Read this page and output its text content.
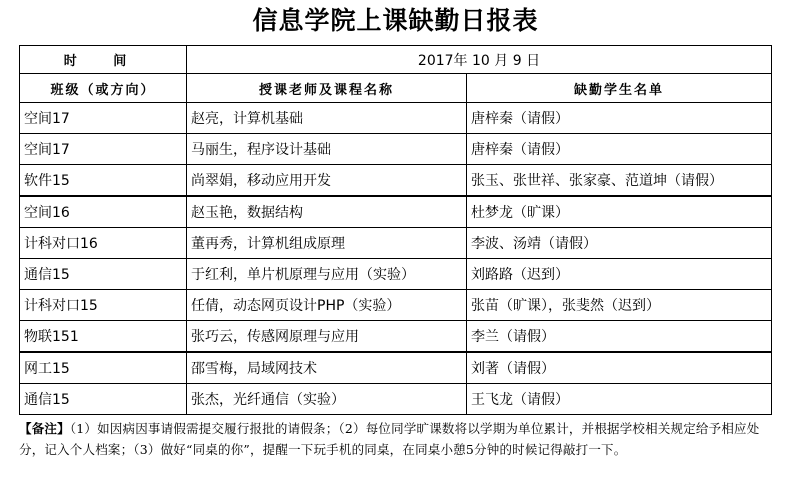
信息学院上课缺勤日报表
时 间	2017年 10 月 9 日	
班级（或方向）	授课老师及课程名称	缺勤学生名单
空间17	赵亮，计算机基础	唐梓秦（请假）
空间17	马丽生，程序设计基础	唐梓秦（请假）
软件15	尚翠娟，移动应用开发	张玉、张世祥、张家豪、范道坤（请假）
空间16	赵玉艳，数据结构	杜梦龙（旷课）
计科对口16	董再秀，计算机组成原理	李波、汤靖（请假）
通信15	于红利，单片机原理与应用（实验）	刘路路（迟到）
计科对口15	任倩，动态网页设计PHP（实验）	张苗（旷课），张斐然（迟到）
物联151	张巧云，传感网原理与应用	李兰（请假）
网工15	邵雪梅，局域网技术	刘著（请假）
通信15	张杰，光纤通信（实验）	王飞龙（请假）
【备注】（1）如因病因事请假需提交履行报批的请假条；（2）每位同学旷课数将以学期为单位累计，并根据学校相关规定给予相应处分，记入个人档案；（3）做好“同桌的你”，提醒一下玩手机的同桌，在同桌小憩5分钟的时候记得敲打一下。
